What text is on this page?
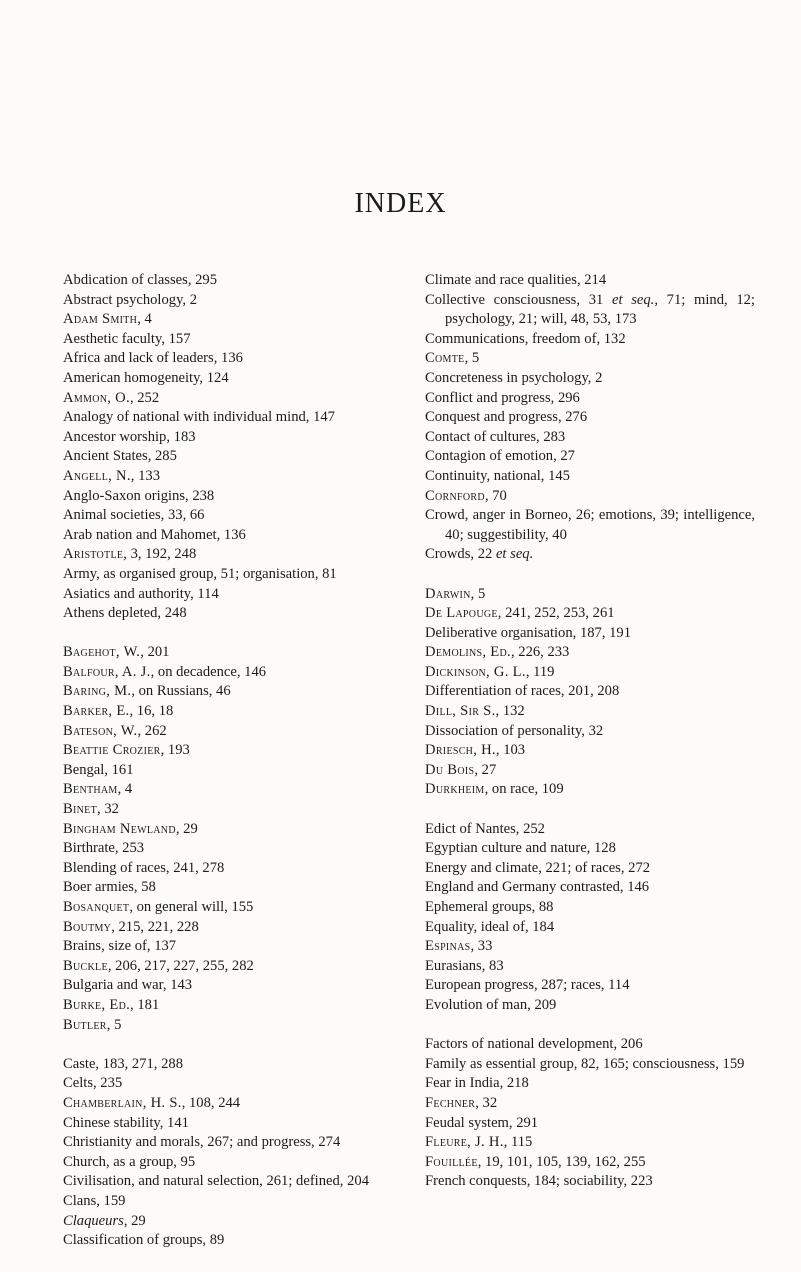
INDEX
Abdication of classes, 295
Abstract psychology, 2
Adam Smith, 4
Aesthetic faculty, 157
Africa and lack of leaders, 136
American homogeneity, 124
Ammon, O., 252
Analogy of national with individual mind, 147
Ancestor worship, 183
Ancient States, 285
Angell, N., 133
Anglo-Saxon origins, 238
Animal societies, 33, 66
Arab nation and Mahomet, 136
Aristotle, 3, 192, 248
Army, as organised group, 51; organisation, 81
Asiatics and authority, 114
Athens depleted, 248
Bagehot, W., 201
Balfour, A. J., on decadence, 146
Baring, M., on Russians, 46
Barker, E., 16, 18
Bateson, W., 262
Beattie Crozier, 193
Bengal, 161
Bentham, 4
Binet, 32
Bingham Newland, 29
Birthrate, 253
Blending of races, 241, 278
Boer armies, 58
Bosanquet, on general will, 155
Boutmy, 215, 221, 228
Brains, size of, 137
Buckle, 206, 217, 227, 255, 282
Bulgaria and war, 143
Burke, Ed., 181
Butler, 5
Caste, 183, 271, 288
Celts, 235
Chamberlain, H. S., 108, 244
Chinese stability, 141
Christianity and morals, 267; and progress, 274
Church, as a group, 95
Civilisation, and natural selection, 261; defined, 204
Clans, 159
Claqueurs, 29
Classification of groups, 89
Climate and race qualities, 214
Collective consciousness, 31 et seq., 71; mind, 12; psychology, 21; will, 48, 53, 173
Communications, freedom of, 132
Comte, 5
Concreteness in psychology, 2
Conflict and progress, 296
Conquest and progress, 276
Contact of cultures, 283
Contagion of emotion, 27
Continuity, national, 145
Cornford, 70
Crowd, anger in Borneo, 26; emotions, 39; intelligence, 40; suggestibility, 40
Crowds, 22 et seq.
Darwin, 5
De Lapouge, 241, 252, 253, 261
Deliberative organisation, 187, 191
Demolins, Ed., 226, 233
Dickinson, G. L., 119
Differentiation of races, 201, 208
Dill, Sir S., 132
Dissociation of personality, 32
Driesch, H., 103
Du Bois, 27
Durkheim, on race, 109
Edict of Nantes, 252
Egyptian culture and nature, 128
Energy and climate, 221; of races, 272
England and Germany contrasted, 146
Ephemeral groups, 88
Equality, ideal of, 184
Espinas, 33
Eurasians, 83
European progress, 287; races, 114
Evolution of man, 209
Factors of national development, 206
Family as essential group, 82, 165; consciousness, 159
Fear in India, 218
Fechner, 32
Feudal system, 291
Fleure, J. H., 115
Fouillée, 19, 101, 105, 139, 162, 255
French conquests, 184; sociability, 223
